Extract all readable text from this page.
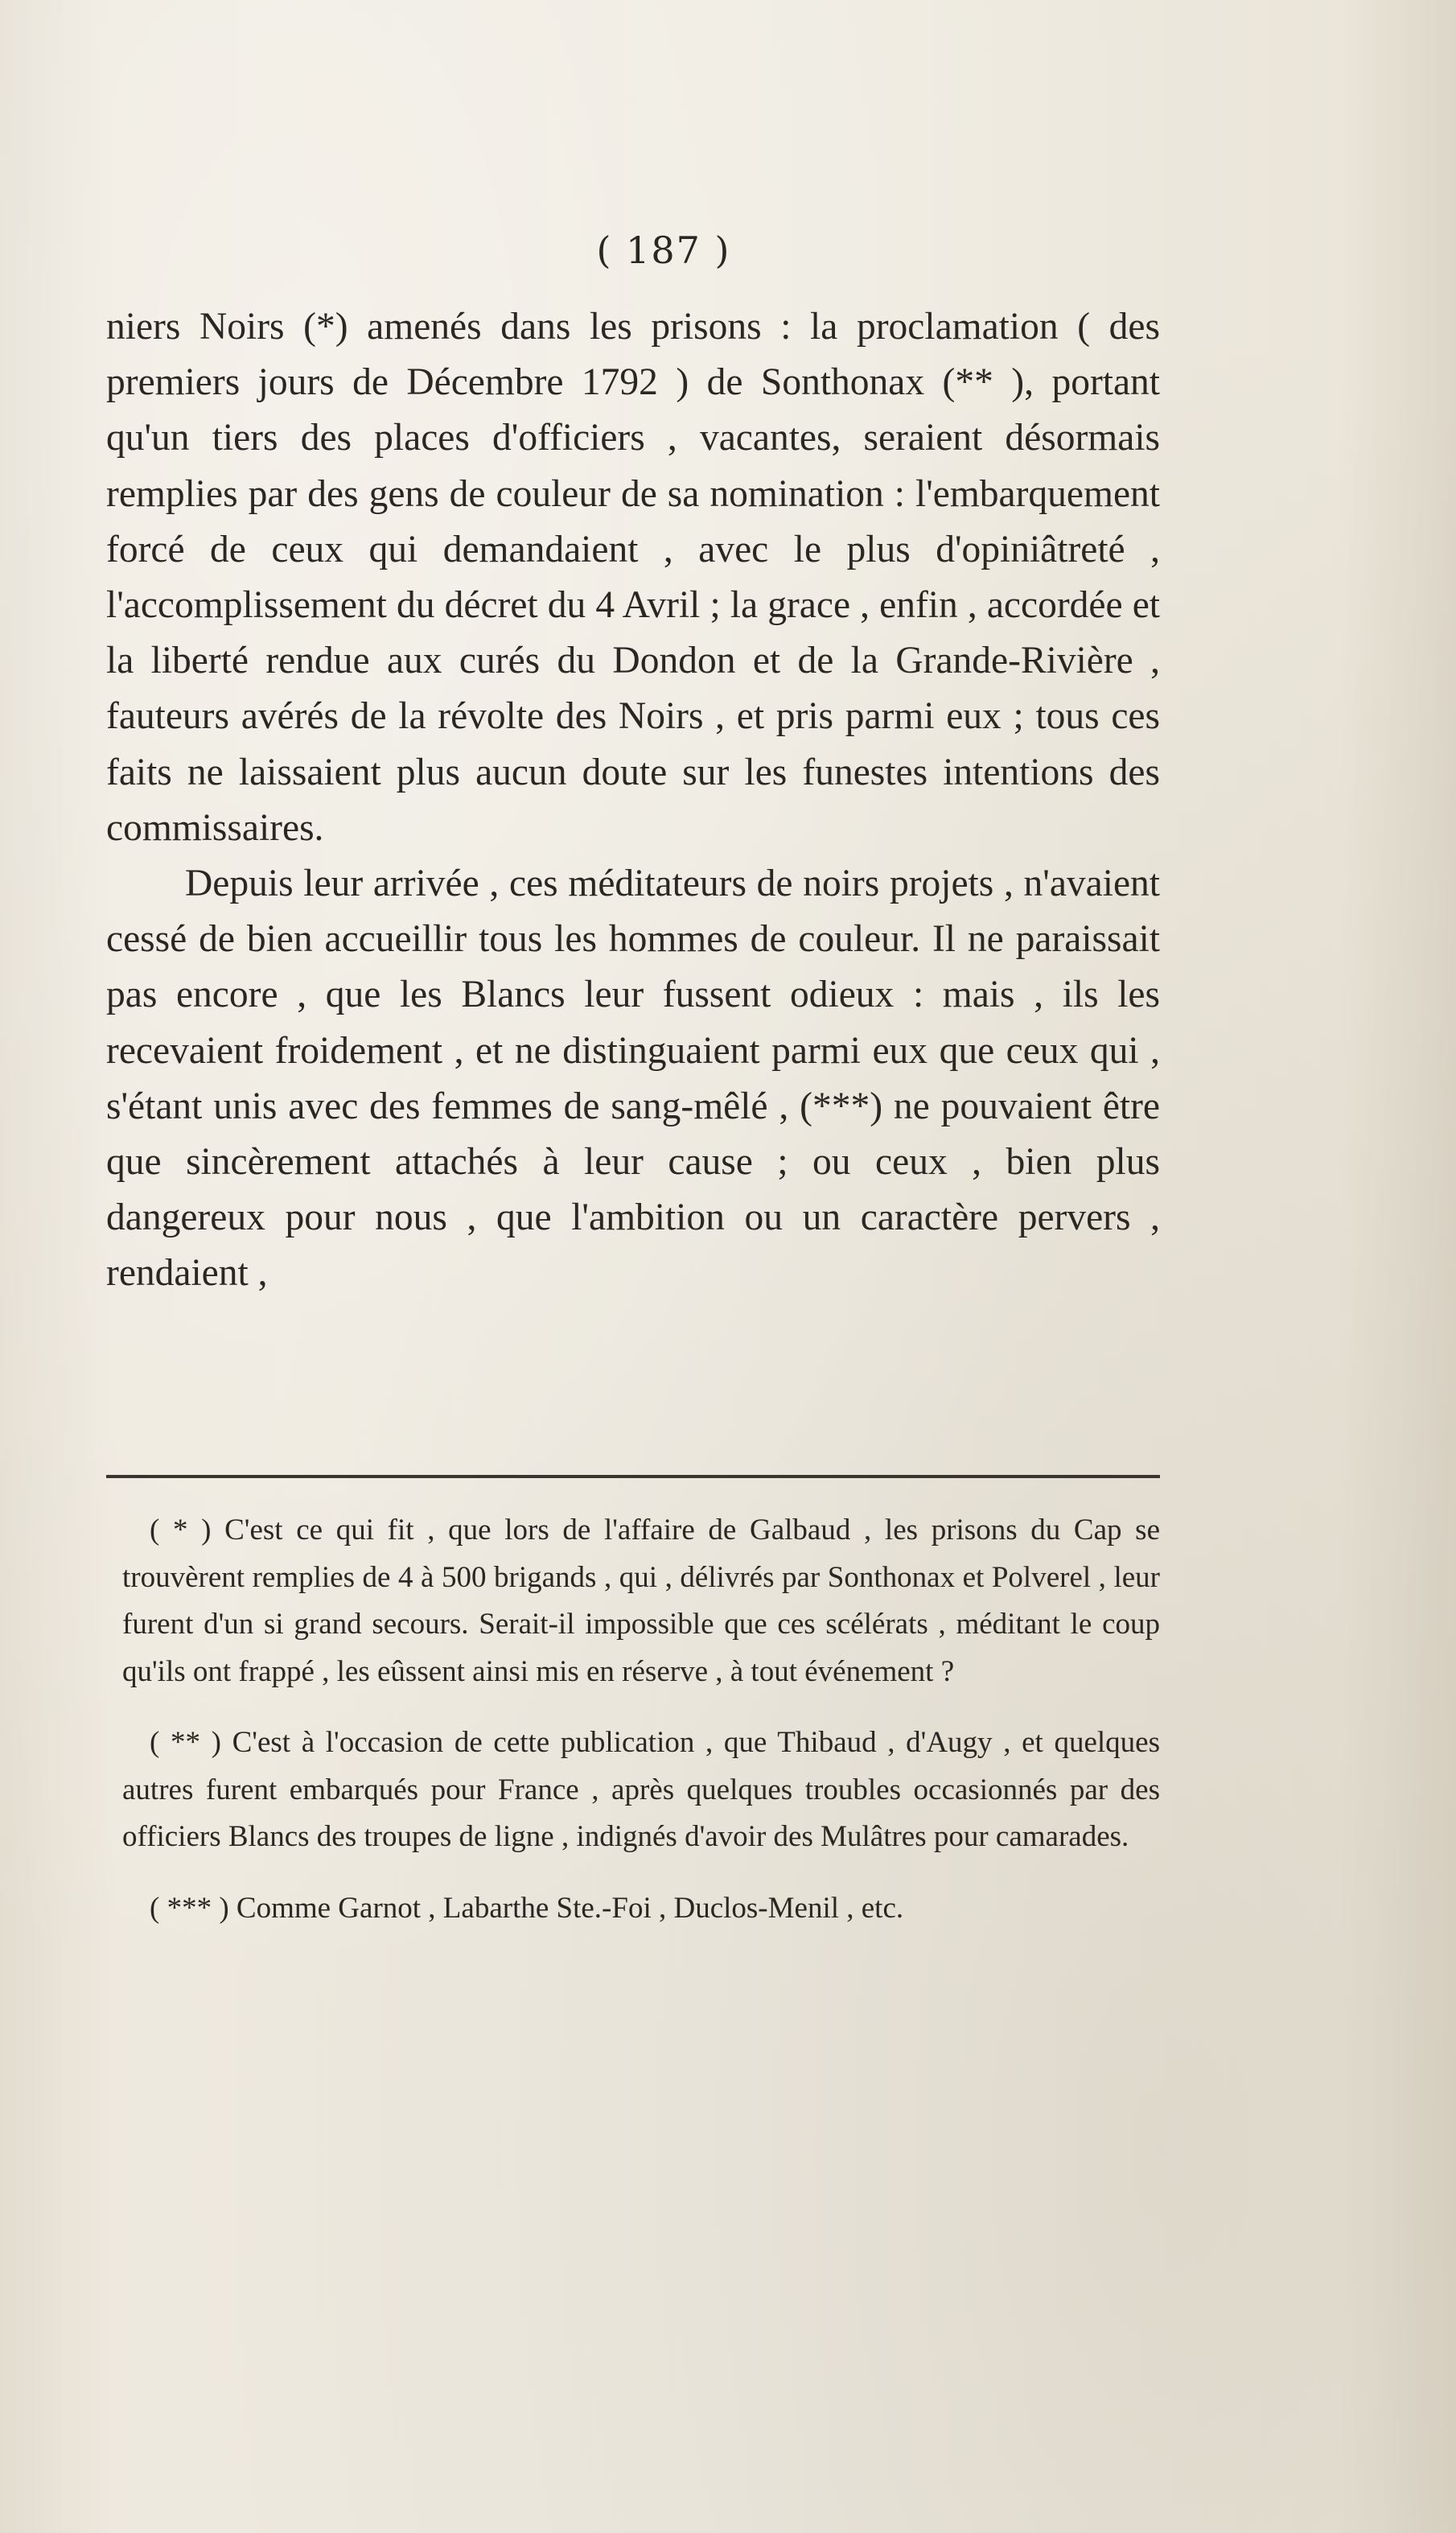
( 187 )

niers Noirs (*) amenés dans les prisons : la proclamation ( des premiers jours de Décembre 1792 ) de Sonthonax (** ), portant qu'un tiers des places d'officiers , vacantes, seraient désormais remplies par des gens de couleur de sa nomination : l'embarquement forcé de ceux qui demandaient , avec le plus d'opiniâtreté , l'accomplissement du décret du 4 Avril ; la grace , enfin , accordée et la liberté rendue aux curés du Dondon et de la Grande-Rivière , fauteurs avérés de la révolte des Noirs , et pris parmi eux ; tous ces faits ne laissaient plus aucun doute sur les funestes intentions des commissaires.

Depuis leur arrivée , ces méditateurs de noirs projets , n'avaient cessé de bien accueillir tous les hommes de couleur. Il ne paraissait pas encore , que les Blancs leur fussent odieux : mais , ils les recevaient froidement , et ne distinguaient parmi eux que ceux qui , s'étant unis avec des femmes de sang-mêlé , (***) ne pouvaient être que sincèrement attachés à leur cause ; ou ceux , bien plus dangereux pour nous , que l'ambition ou un caractère pervers , rendaient ,

( * ) C'est ce qui fit , que lors de l'affaire de Galbaud , les prisons du Cap se trouvèrent remplies de 4 à 500 brigands , qui , délivrés par Sonthonax et Polverel , leur furent d'un si grand secours. Serait-il impossible que ces scélérats , méditant le coup qu'ils ont frappé , les eûssent ainsi mis en réserve , à tout événement ?

( ** ) C'est à l'occasion de cette publication , que Thibaud , d'Augy , et quelques autres furent embarqués pour France , après quelques troubles occasionnés par des officiers Blancs des troupes de ligne , indignés d'avoir des Mulâtres pour camarades.

( *** ) Comme Garnot , Labarthe Ste.-Foi , Duclos-Menil , etc.
